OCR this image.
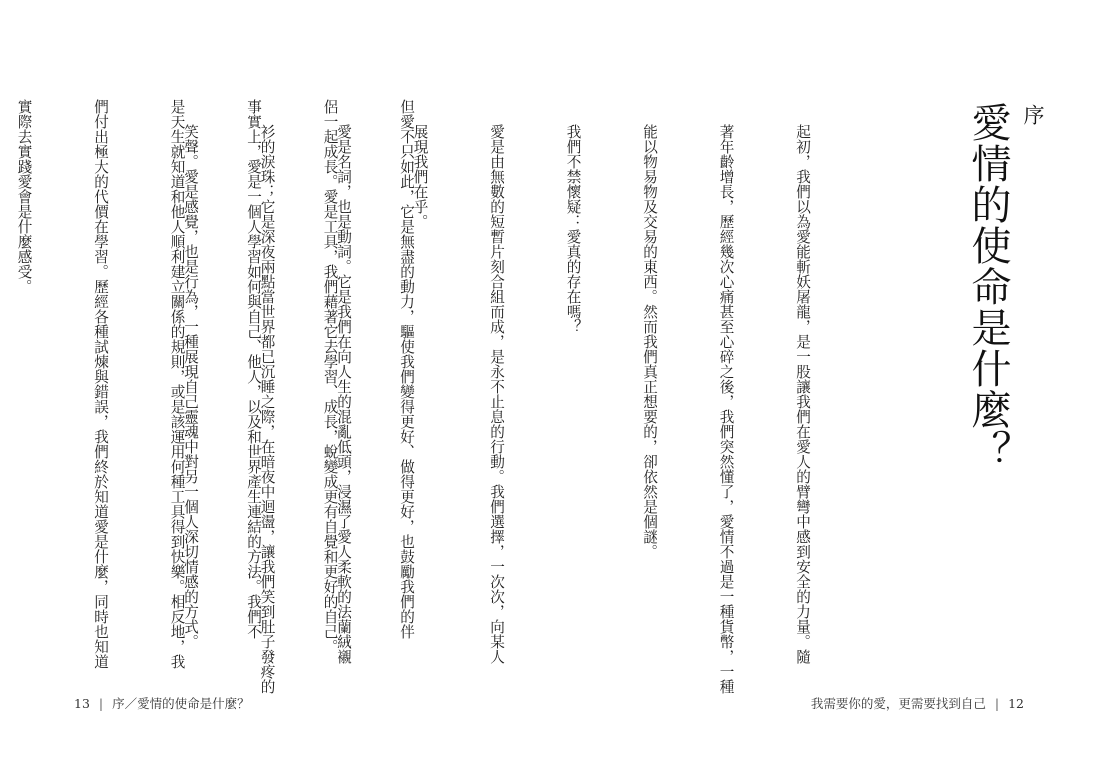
但愛不只如此，它是無盡的動力，驅使我們變得更好、做得更好，也鼓勵我們的伴

侶一起成長。愛是工具，我們藉著它去學習、成長，蛻變成更有自覺和更好的自己。

事實上，愛是一個人學習如何與自己、他人，以及和世界產生連結的方法。我們不

是天生就知道和他人順利建立關係的規則，或是該運用何種工具得到快樂。相反地，我

們付出極大的代價在學習。歷經各種試煉與錯誤，我們終於知道愛是什麼，同時也知道

實際去實踐愛會是什麼感受。

13 | 序／愛情的使命是什麼？
序
愛情的使命是什麼？

起初，我們以為愛能斬妖屠龍，是一股讓我們在愛人的臂彎中感到安全的力量。隨

著年齡增長，歷經幾次心痛甚至心碎之後，我們突然懂了，愛情不過是一種貨幣，一種

能以物易物及交易的東西。然而我們真正想要的，卻依然是個謎。

我們不禁懷疑：愛真的存在嗎？

愛是由無數的短暫片刻合組而成，是永不止息的行動。我們選擇，一次次，向某人

展現我們在乎。

愛是名詞，也是動詞。它是我們在向人生的混亂低頭，浸濕了愛人柔軟的法蘭絨襯

衫的淚珠；它是深夜兩點當世界都已沉睡之際，在暗夜中迴盪，讓我們笑到肚子發疼的

笑聲。愛是感覺，也是行為，一種展現自己靈魂中對另一個人深切情感的方式。

我需要你的愛，更需要找到自己 | 12
